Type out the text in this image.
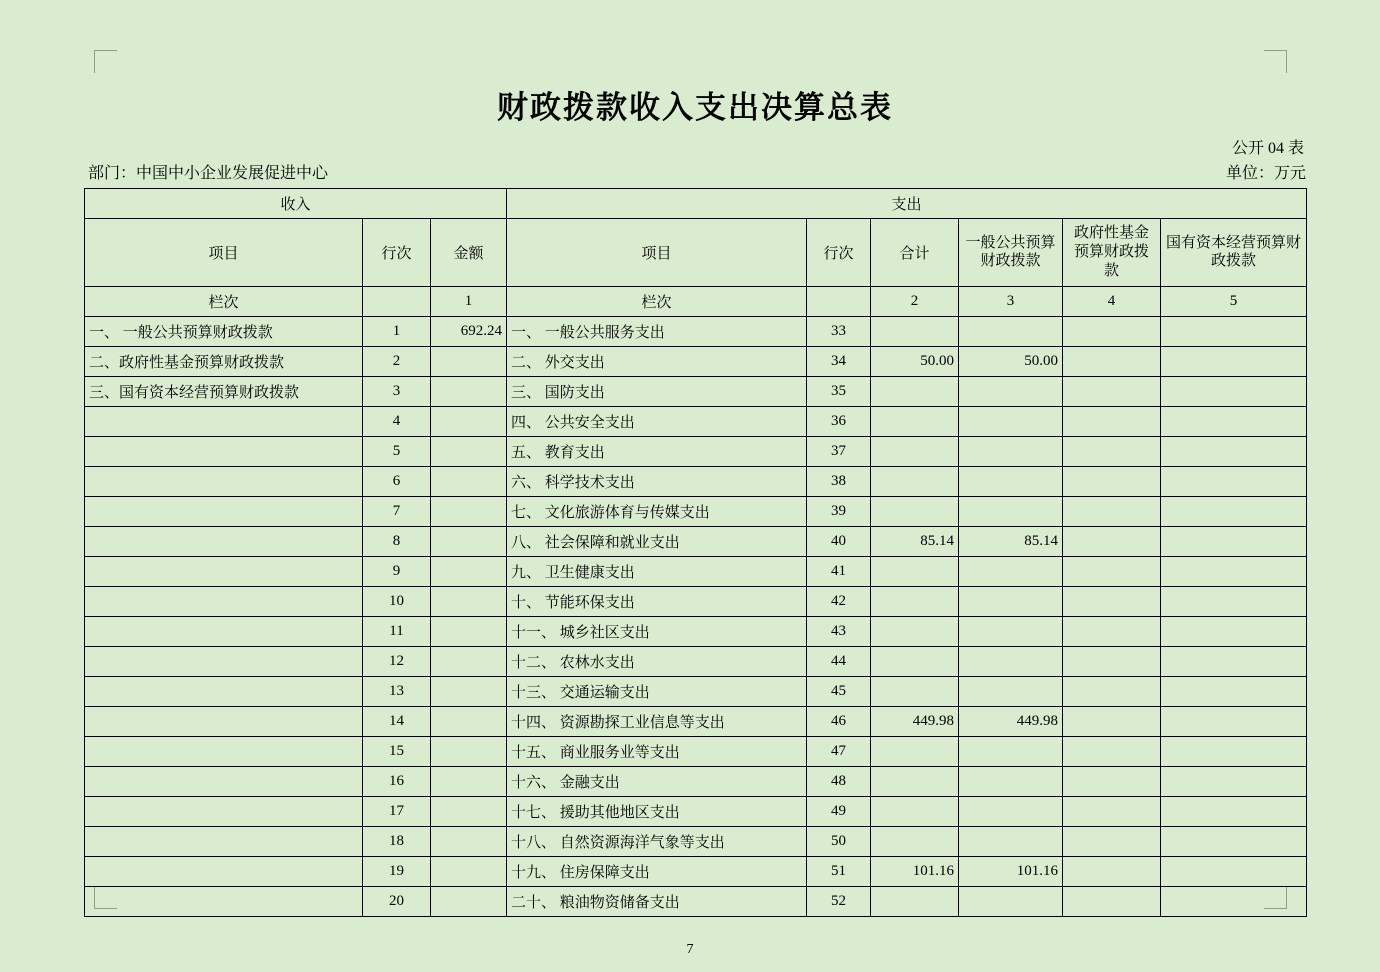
财政拨款收入支出决算总表
公开 04 表
部门：中国中小企业发展促进中心	单位：万元
收入			支出					
项目	行次	金额	项目	行次	合计	一般公共预算财政拨款	政府性基金预算财政拨款	国有资本经营预算财政拨款
栏次		1	栏次		2	3	4	5
一、 一般公共预算财政拨款	1	692.24	一、 一般公共服务支出	33				
二、政府性基金预算财政拨款	2		二、 外交支出	34	50.00	50.00		
三、国有资本经营预算财政拨款	3		三、 国防支出	35				
	4		四、 公共安全支出	36				
	5		五、 教育支出	37				
	6		六、 科学技术支出	38				
	7		七、 文化旅游体育与传媒支出	39				
	8		八、 社会保障和就业支出	40	85.14	85.14		
	9		九、 卫生健康支出	41				
	10		十、 节能环保支出	42				
	11		十一、 城乡社区支出	43				
	12		十二、 农林水支出	44				
	13		十三、 交通运输支出	45				
	14		十四、 资源勘探工业信息等支出	46	449.98	449.98		
	15		十五、 商业服务业等支出	47				
	16		十六、 金融支出	48				
	17		十七、 援助其他地区支出	49				
	18		十八、 自然资源海洋气象等支出	50				
	19		十九、 住房保障支出	51	101.16	101.16		
	20		二十、 粮油物资储备支出	52				
7
